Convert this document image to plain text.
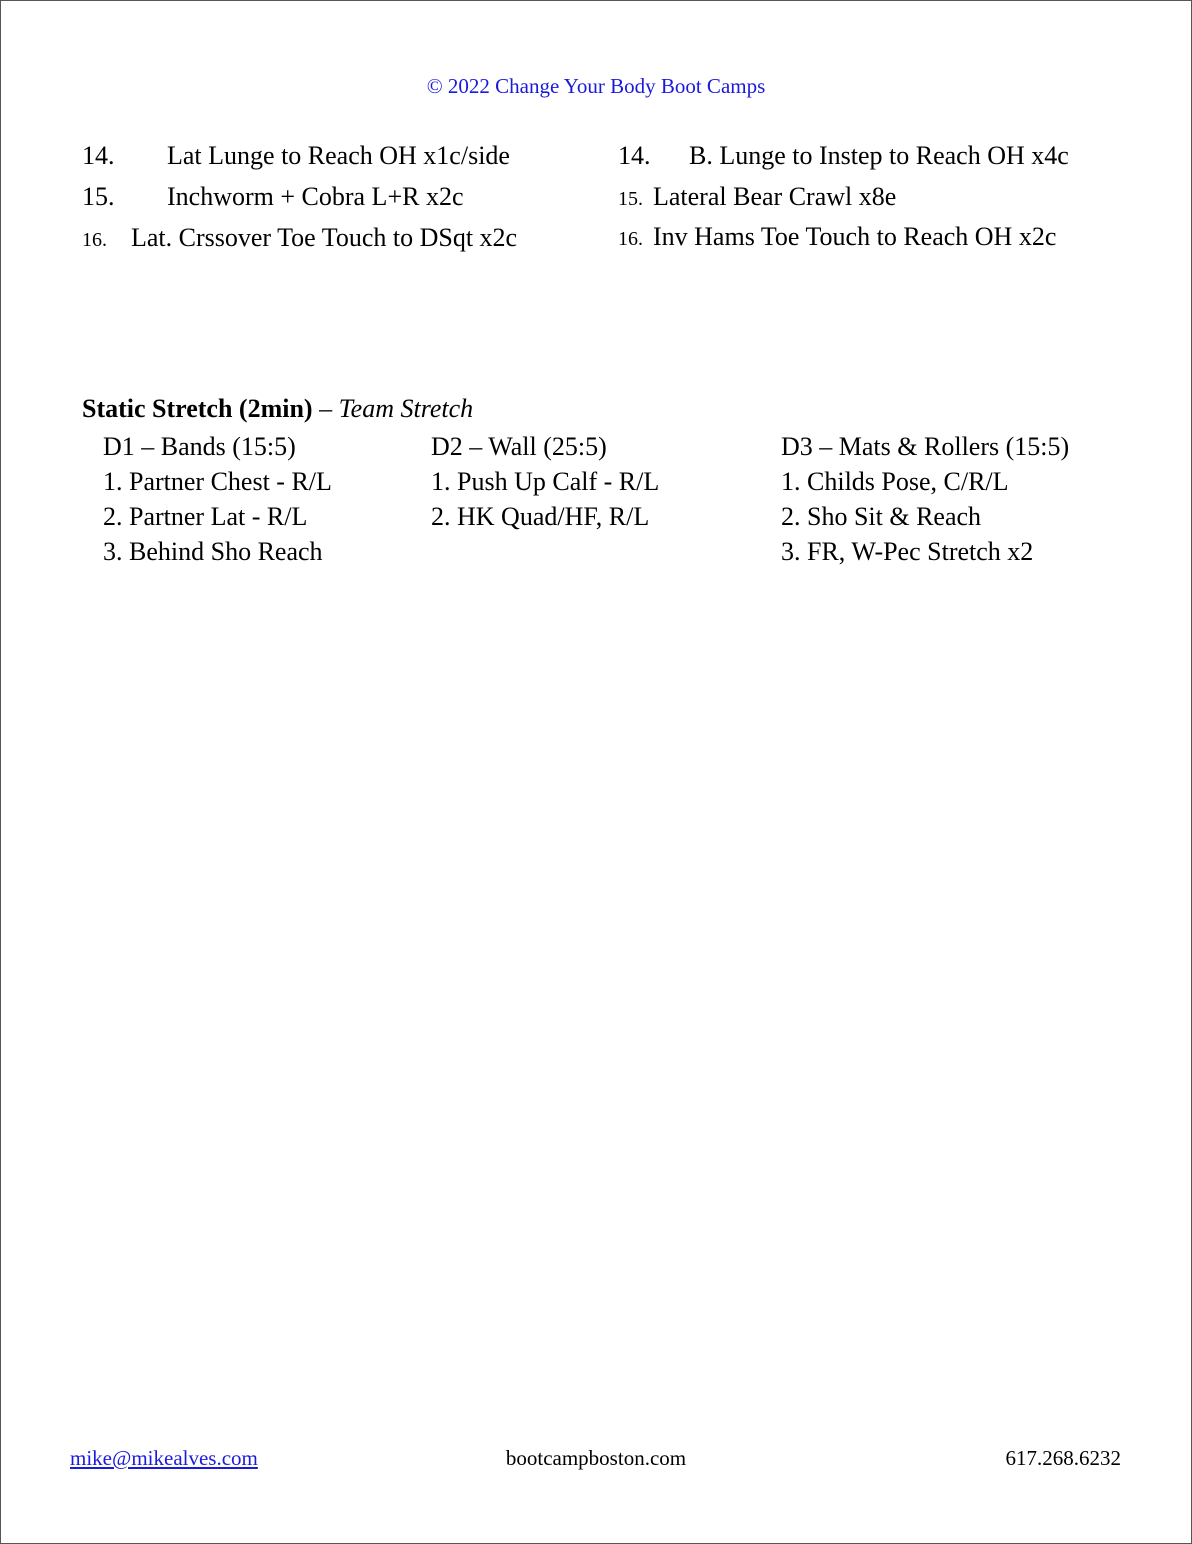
© 2022 Change Your Body Boot Camps
14. Lat Lunge to Reach OH x1c/side
15. Inchworm + Cobra L+R x2c
16. Lat. Crssover Toe Touch to DSqt x2c
14. B. Lunge to Instep to Reach OH x4c
15. Lateral Bear Crawl x8e
16. Inv Hams Toe Touch to Reach OH x2c
Static Stretch (2min) – Team Stretch
D1 – Bands (15:5)
1. Partner Chest - R/L
2. Partner Lat - R/L
3. Behind Sho Reach
D2 – Wall (25:5)
1. Push Up Calf - R/L
2. HK Quad/HF, R/L
D3 – Mats & Rollers (15:5)
1. Childs Pose, C/R/L
2. Sho Sit & Reach
3. FR, W-Pec Stretch x2
mike@mikealves.com	bootcampboston.com	617.268.6232
